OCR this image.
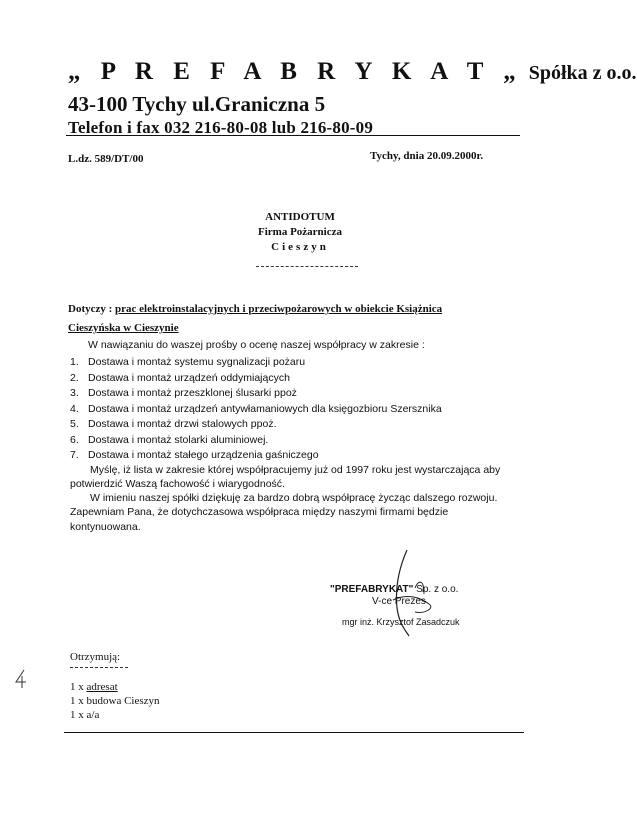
„ P R E F A B R Y K A T „ Spółka z o.o.
43-100 Tychy ul.Graniczna 5
Telefon i fax 032 216-80-08 lub 216-80-09
L.dz. 589/DT/00	Tychy, dnia 20.09.2000r.
ANTIDOTUM
Firma Pożarnicza
Cieszyn
Dotyczy : prac elektroinstalacyjnych i przeciwpożarowych w obiekcie Książnica
Cieszyńska w Cieszynie
W nawiązaniu do waszej prośby o ocenę naszej współpracy w zakresie :
1. Dostawa i montaż systemu sygnalizacji pożaru
2. Dostawa i montaż urządzeń oddymiających
3. Dostawa i montaż przeszklonej ślusarki ppoż
4. Dostawa i montaż urządzeń antywłamaniowych dla księgozbioru Szersznika
5. Dostawa i montaż drzwi stalowych ppoż.
6. Dostawa i montaż stolarki aluminiowej.
7. Dostawa i montaż stałego urządzenia gaśniczego
Myślę, iż lista w zakresie której współpracujemy już od 1997 roku jest wystarczająca aby
potwierdzić Waszą fachowość i wiarygodność.
W imieniu naszej spółki dziękuję za bardzo dobrą współpracę życząc dalszego rozwoju.
Zapewniam Pana, że dotychczasowa współpraca między naszymi firmami będzie
kontynuowana.
"PREFABRYKAT" Sp. z o.o.
V-ce Prezes
mgr inż. Krzysztof Zasadczuk
Otrzymują:
1 x adresat
1 x budowa Cieszyn
1 x a/a
